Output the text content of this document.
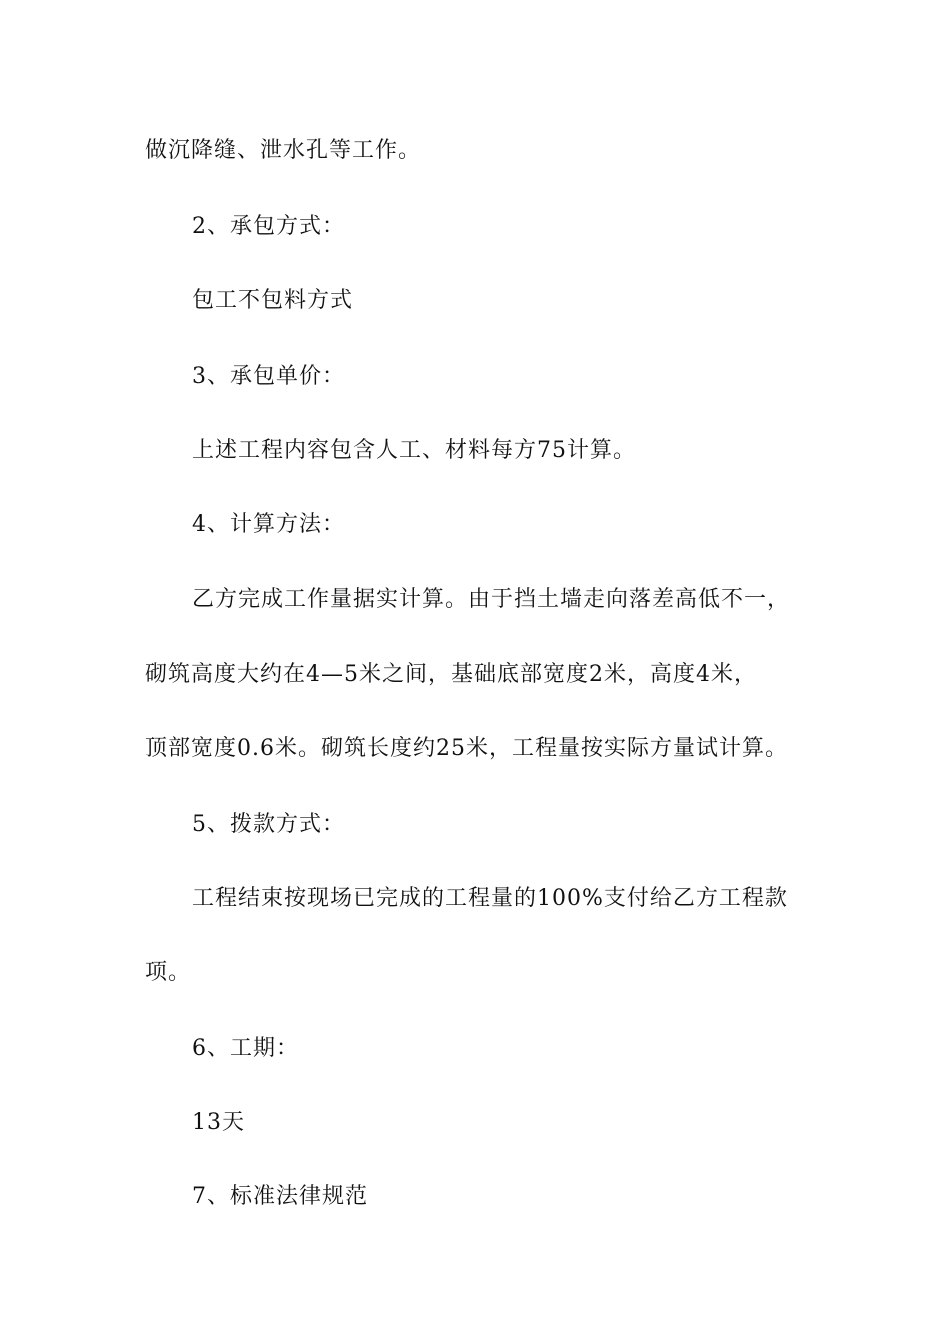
做沉降缝、泄水孔等工作。
2、承包方式：
包工不包料方式
3、承包单价：
上述工程内容包含人工、材料每方75计算。
4、计算方法：
乙方完成工作量据实计算。由于挡土墙走向落差高低不一，
砌筑高度大约在4—5米之间，基础底部宽度2米，高度4米，
顶部宽度0.6米。砌筑长度约25米，工程量按实际方量试计算。
5、拨款方式：
工程结束按现场已完成的工程量的100%支付给乙方工程款
项。
6、工期：
13天
7、标准法律规范
